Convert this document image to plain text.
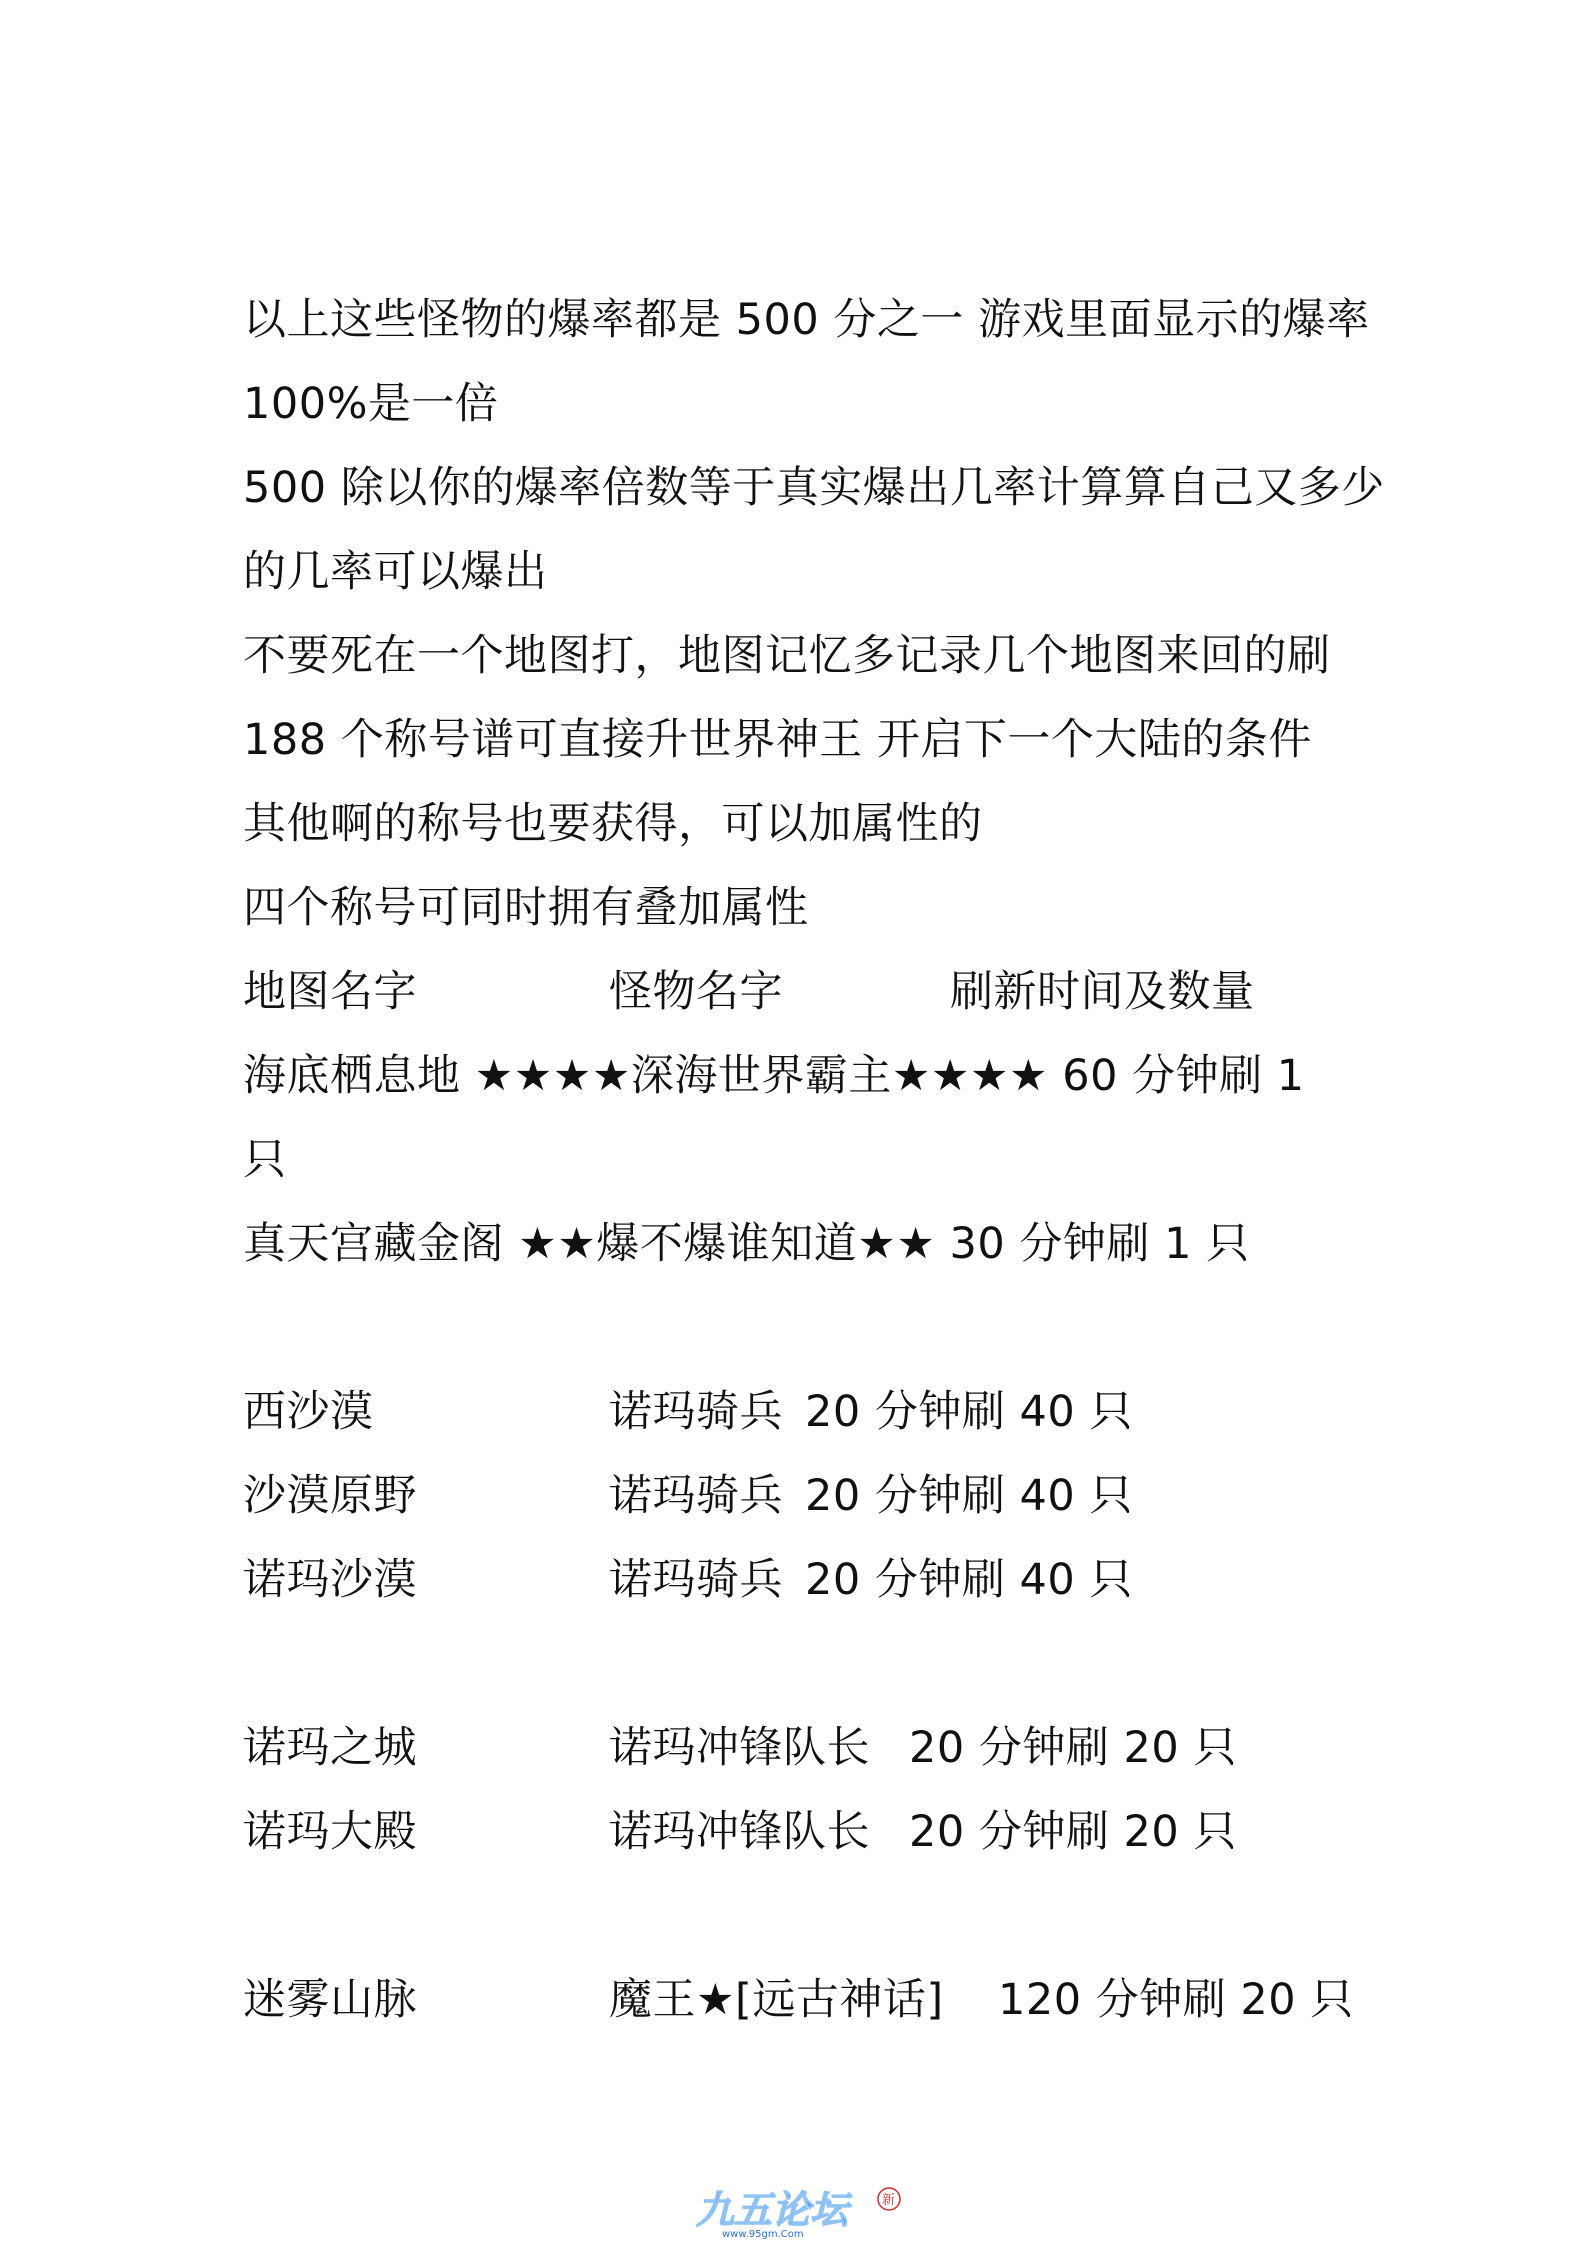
以上这些怪物的爆率都是 500 分之一 游戏里面显示的爆率
100%是一倍
500 除以你的爆率倍数等于真实爆出几率计算算自己又多少
的几率可以爆出
不要死在一个地图打，地图记忆多记录几个地图来回的刷
188 个称号谱可直接升世界神王 开启下一个大陆的条件
其他啊的称号也要获得，可以加属性的
四个称号可同时拥有叠加属性
地图名字	怪物名字	刷新时间及数量
海底栖息地 ★★★★深海世界霸主★★★★ 60 分钟刷 1
只
真天宫藏金阁 ★★爆不爆谁知道★★ 30 分钟刷 1 只
西沙漠	诺玛骑兵 20 分钟刷 40 只
沙漠原野	诺玛骑兵 20 分钟刷 40 只
诺玛沙漠	诺玛骑兵 20 分钟刷 40 只
诺玛之城	诺玛冲锋队长 20 分钟刷 20 只
诺玛大殿	诺玛冲锋队长 20 分钟刷 20 只
迷雾山脉	魔王★[远古神话] 120 分钟刷 20 只
九五论坛
www.95gm.Com
新
